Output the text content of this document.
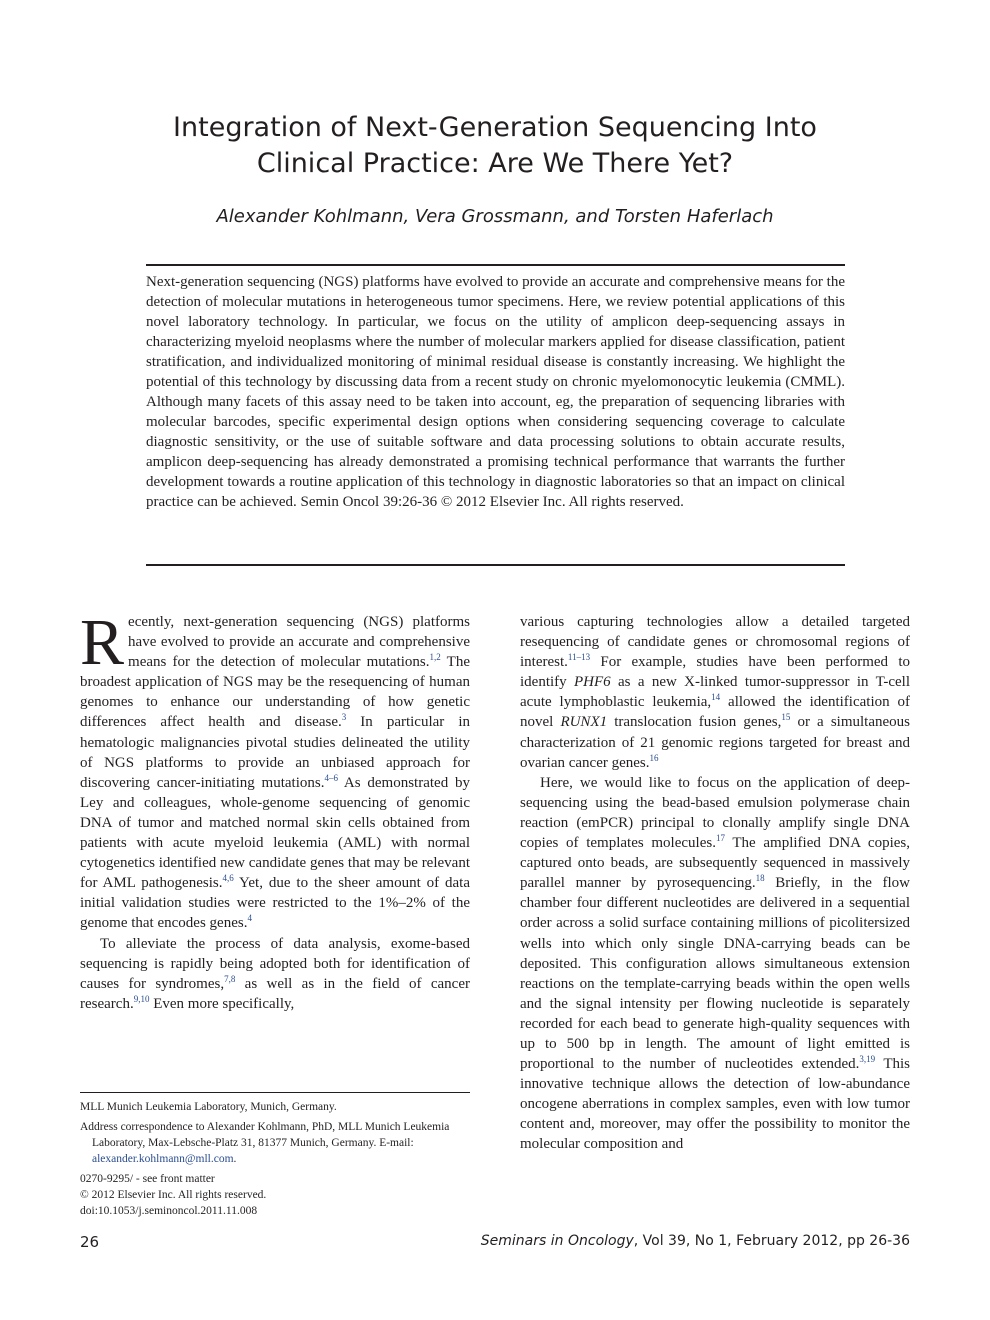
Integration of Next-Generation Sequencing Into
Clinical Practice: Are We There Yet?
Alexander Kohlmann, Vera Grossmann, and Torsten Haferlach
Next-generation sequencing (NGS) platforms have evolved to provide an accurate and comprehensive means for the detection of molecular mutations in heterogeneous tumor specimens. Here, we review potential applications of this novel laboratory technology. In particular, we focus on the utility of amplicon deep-sequencing assays in characterizing myeloid neoplasms where the number of molecular markers applied for disease classification, patient stratification, and individualized monitoring of minimal residual disease is constantly increasing. We highlight the potential of this technology by discussing data from a recent study on chronic myelomonocytic leukemia (CMML). Although many facets of this assay need to be taken into account, eg, the preparation of sequencing libraries with molecular barcodes, specific experimental design options when considering sequencing coverage to calculate diagnostic sensitivity, or the use of suitable software and data processing solutions to obtain accurate results, amplicon deep-sequencing has already demonstrated a promising technical performance that warrants the further development towards a routine application of this technology in diagnostic laboratories so that an impact on clinical practice can be achieved. Semin Oncol 39:26-36 © 2012 Elsevier Inc. All rights reserved.

Recently, next-generation sequencing (NGS) platforms have evolved to provide an accurate and comprehensive means for the detection of molecular mutations.$^{1,2}$ The broadest application of NGS may be the resequencing of human genomes to enhance our understanding of how genetic differences affect health and disease.$^3$ In particular in hematologic malignancies pivotal studies delineated the utility of NGS platforms to provide an unbiased approach for discovering cancer-initiating mutations.$^{4-6}$ As demonstrated by Ley and colleagues, whole-genome sequencing of genomic DNA of tumor and matched normal skin cells obtained from patients with acute myeloid leukemia (AML) with normal cytogenetics identified new candidate genes that may be relevant for AML pathogenesis.$^{4,6}$ Yet, due to the sheer amount of data initial validation studies were restricted to the 1%–2% of the genome that encodes genes.$^4$

To alleviate the process of data analysis, exome-based sequencing is rapidly being adopted both for identification of causes for syndromes,$^{7,8}$ as well as in the field of cancer research.$^{9,10}$ Even more specifically,

various capturing technologies allow a detailed targeted resequencing of candidate genes or chromosomal regions of interest.$^{11-13}$ For example, studies have been performed to identify PHF6 as a new X-linked tumor-suppressor in T-cell acute lymphoblastic leukemia,$^{14}$ allowed the identification of novel RUNX1 translocation fusion genes,$^{15}$ or a simultaneous characterization of 21 genomic regions targeted for breast and ovarian cancer genes.$^{16}$

Here, we would like to focus on the application of deep-sequencing using the bead-based emulsion polymerase chain reaction (emPCR) principal to clonally amplify single DNA copies of templates molecules.$^{17}$ The amplified DNA copies, captured onto beads, are subsequently sequenced in massively parallel manner by pyrosequencing.$^{18}$ Briefly, in the flow chamber four different nucleotides are delivered in a sequential order across a solid surface containing millions of picolitersized wells into which only single DNA-carrying beads can be deposited. This configuration allows simultaneous extension reactions on the template-carrying beads within the open wells and the signal intensity per flowing nucleotide is separately recorded for each bead to generate high-quality sequences with up to 500 bp in length. The amount of light emitted is proportional to the number of nucleotides extended.$^{3,19}$ This innovative technique allows the detection of low-abundance oncogene aberrations in complex samples, even with low tumor content and, moreover, may offer the possibility to monitor the molecular composition and

MLL Munich Leukemia Laboratory, Munich, Germany.

Address correspondence to Alexander Kohlmann, PhD, MLL Munich Leukemia Laboratory, Max-Lebsche-Platz 31, 81377 Munich, Germany. E-mail: alexander.kohlmann@mll.com.

0270-9295/ - see front matter

© 2012 Elsevier Inc. All rights reserved.

doi:10.1053/j.seminoncol.2011.11.008

26	Seminars in Oncology, Vol 39, No 1, February 2012, pp 26-36
